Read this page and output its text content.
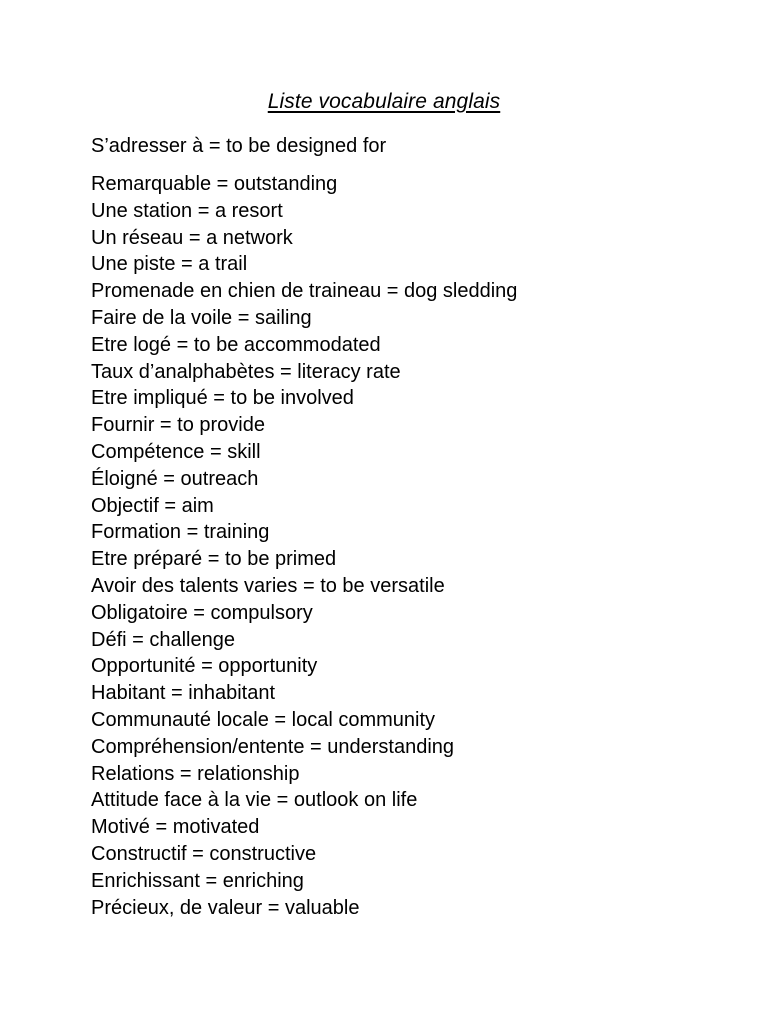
Liste vocabulaire anglais
S’adresser à = to be designed for
Remarquable = outstanding
Une station = a resort
Un réseau = a network
Une piste = a trail
Promenade en chien de traineau = dog sledding
Faire de la voile = sailing
Etre logé = to be accommodated
Taux d’analphabètes = literacy rate
Etre impliqué = to be involved
Fournir = to provide
Compétence = skill
Éloigné = outreach
Objectif = aim
Formation = training
Etre préparé = to be primed
Avoir des talents varies = to be versatile
Obligatoire = compulsory
Défi = challenge
Opportunité = opportunity
Habitant = inhabitant
Communauté locale = local community
Compréhension/entente = understanding
Relations = relationship
Attitude face à la vie = outlook on life
Motivé = motivated
Constructif = constructive
Enrichissant = enriching
Précieux, de valeur = valuable
